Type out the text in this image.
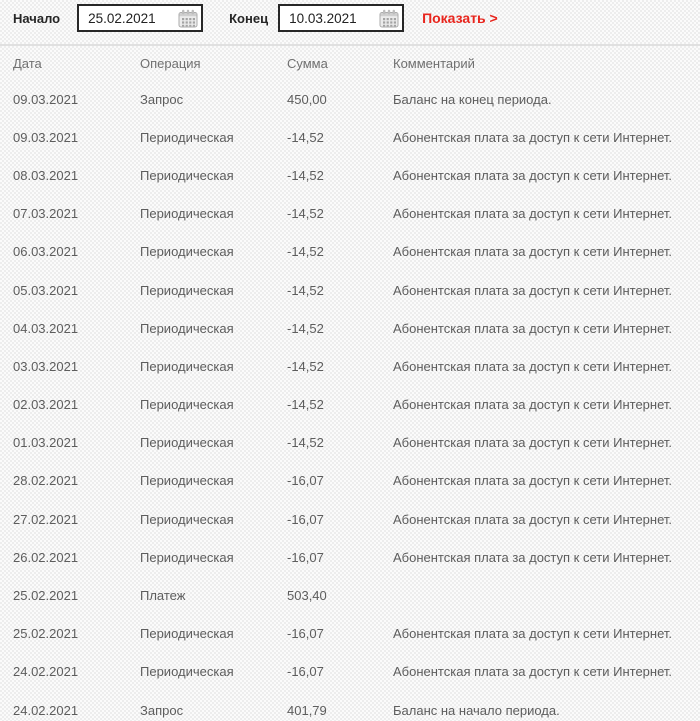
Начало
25.02.2021	Конец
10.03.2021	Показать >
Дата	Операция	Сумма	Комментарий
09.03.2021	Запрос	450,00	Баланс на конец периода.
09.03.2021	Периодическая	-14,52	Абонентская плата за доступ к сети Интернет.
08.03.2021	Периодическая	-14,52	Абонентская плата за доступ к сети Интернет.
07.03.2021	Периодическая	-14,52	Абонентская плата за доступ к сети Интернет.
06.03.2021	Периодическая	-14,52	Абонентская плата за доступ к сети Интернет.
05.03.2021	Периодическая	-14,52	Абонентская плата за доступ к сети Интернет.
04.03.2021	Периодическая	-14,52	Абонентская плата за доступ к сети Интернет.
03.03.2021	Периодическая	-14,52	Абонентская плата за доступ к сети Интернет.
02.03.2021	Периодическая	-14,52	Абонентская плата за доступ к сети Интернет.
01.03.2021	Периодическая	-14,52	Абонентская плата за доступ к сети Интернет.
28.02.2021	Периодическая	-16,07	Абонентская плата за доступ к сети Интернет.
27.02.2021	Периодическая	-16,07	Абонентская плата за доступ к сети Интернет.
26.02.2021	Периодическая	-16,07	Абонентская плата за доступ к сети Интернет.
25.02.2021	Платеж	503,40
25.02.2021	Периодическая	-16,07	Абонентская плата за доступ к сети Интернет.
24.02.2021	Периодическая	-16,07	Абонентская плата за доступ к сети Интернет.
24.02.2021	Запрос	401,79	Баланс на начало периода.
